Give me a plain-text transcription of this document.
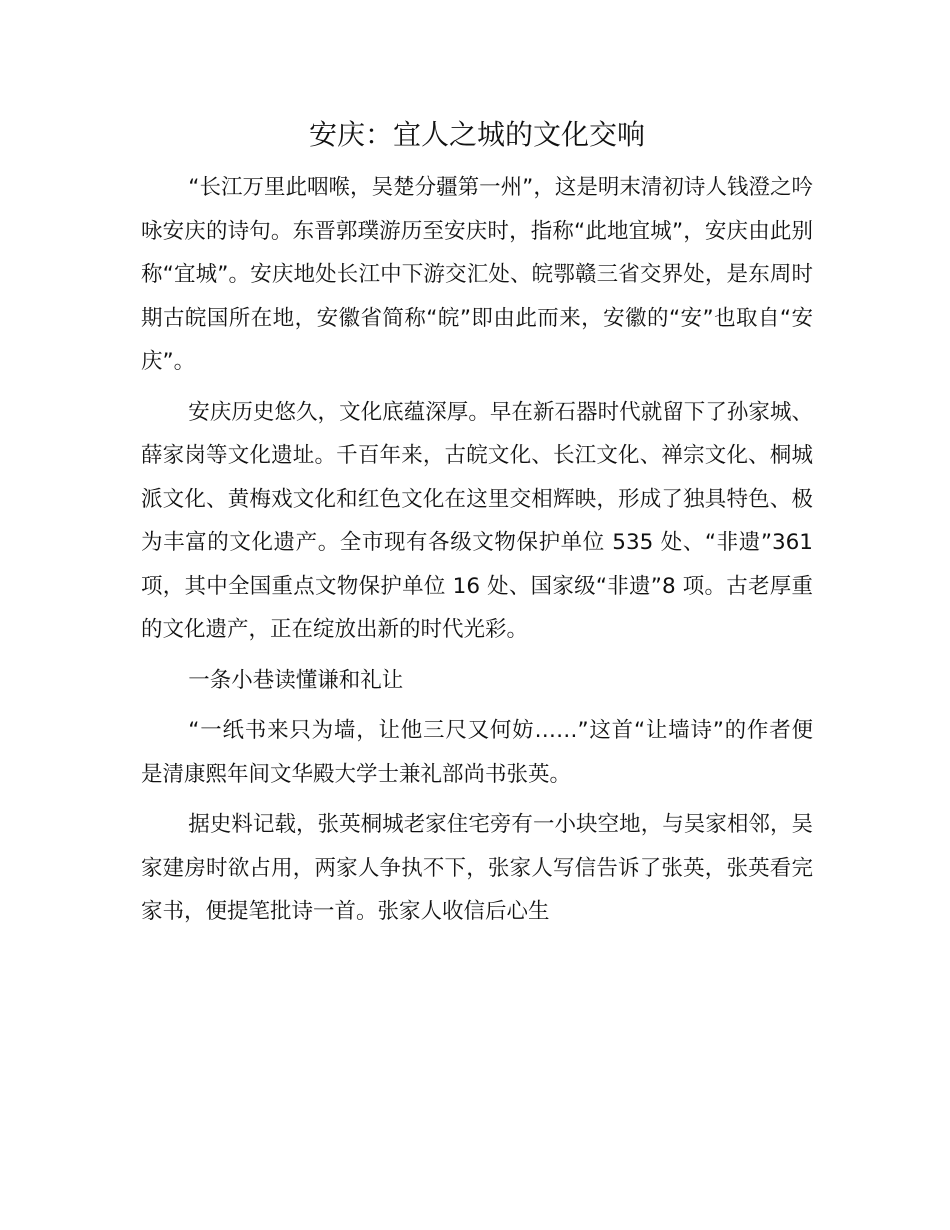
安庆：宜人之城的文化交响

“长江万里此咽喉，吴楚分疆第一州”，这是明末清初诗人钱澄之吟咏安庆的诗句。东晋郭璞游历至安庆时，指称“此地宜城”，安庆由此别称“宜城”。安庆地处长江中下游交汇处、皖鄂赣三省交界处，是东周时期古皖国所在地，安徽省简称“皖”即由此而来，安徽的“安”也取自“安庆”。

安庆历史悠久，文化底蕴深厚。早在新石器时代就留下了孙家城、薛家岗等文化遗址。千百年来，古皖文化、长江文化、禅宗文化、桐城派文化、黄梅戏文化和红色文化在这里交相辉映，形成了独具特色、极为丰富的文化遗产。全市现有各级文物保护单位 535 处、“非遗”361 项，其中全国重点文物保护单位 16 处、国家级“非遗”8 项。古老厚重的文化遗产，正在绽放出新的时代光彩。

一条小巷读懂谦和礼让

“一纸书来只为墙，让他三尺又何妨……”这首“让墙诗”的作者便是清康熙年间文华殿大学士兼礼部尚书张英。

据史料记载，张英桐城老家住宅旁有一小块空地，与吴家相邻，吴家建房时欲占用，两家人争执不下，张家人写信告诉了张英，张英看完家书，便提笔批诗一首。张家人收信后心生
